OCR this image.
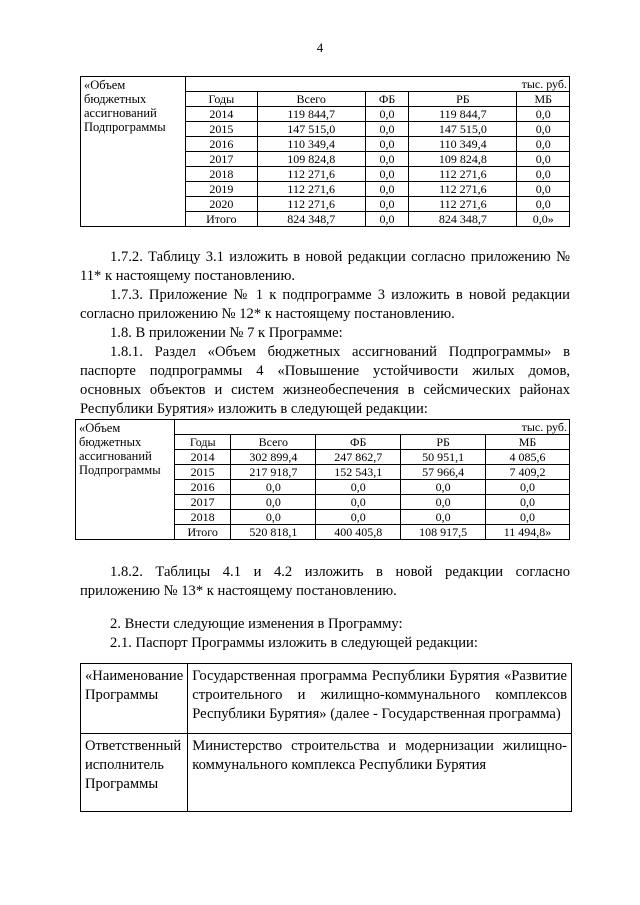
4
«Объем бюджетных ассигнований Подпрограммы	
тыс. руб.
Годы	Всего	ФБ	РБ	МБ
2014	119 844,7	0,0	119 844,7	0,0
2015	147 515,0	0,0	147 515,0	0,0
2016	110 349,4	0,0	110 349,4	0,0
2017	109 824,8	0,0	109 824,8	0,0
2018	112 271,6	0,0	112 271,6	0,0
2019	112 271,6	0,0	112 271,6	0,0
2020	112 271,6	0,0	112 271,6	0,0
Итого	824 348,7	0,0	824 348,7	0,0»
1.7.2. Таблицу 3.1 изложить в новой редакции согласно приложению № 11* к настоящему постановлению.
1.7.3. Приложение № 1 к подпрограмме 3 изложить в новой редакции согласно приложению № 12* к настоящему постановлению.
1.8. В приложении № 7 к Программе:
1.8.1. Раздел «Объем бюджетных ассигнований Подпрограммы» в паспорте подпрограммы 4 «Повышение устойчивости жилых домов, основных объектов и систем жизнеобеспечения в сейсмических районах Республики Бурятия» изложить в следующей редакции:
«Объем бюджетных ассигнований Подпрограммы	
тыс. руб.
Годы	Всего	ФБ	РБ	МБ
2014	302 899,4	247 862,7	50 951,1	4 085,6
2015	217 918,7	152 543,1	57 966,4	7 409,2
2016	0,0	0,0	0,0	0,0
2017	0,0	0,0	0,0	0,0
2018	0,0	0,0	0,0	0,0
Итого	520 818,1	400 405,8	108 917,5	11 494,8»
1.8.2. Таблицы 4.1 и 4.2 изложить в новой редакции согласно приложению № 13* к настоящему постановлению.
2. Внести следующие изменения в Программу:
2.1. Паспорт Программы изложить в следующей редакции:
«Наименование Программы	Государственная программа Республики Бурятия «Развитие строительного и жилищно-коммунального комплексов Республики Бурятия» (далее - Государственная программа)
Ответственный исполнитель Программы	Министерство строительства и модернизации жилищно-коммунального комплекса Республики Бурятия
